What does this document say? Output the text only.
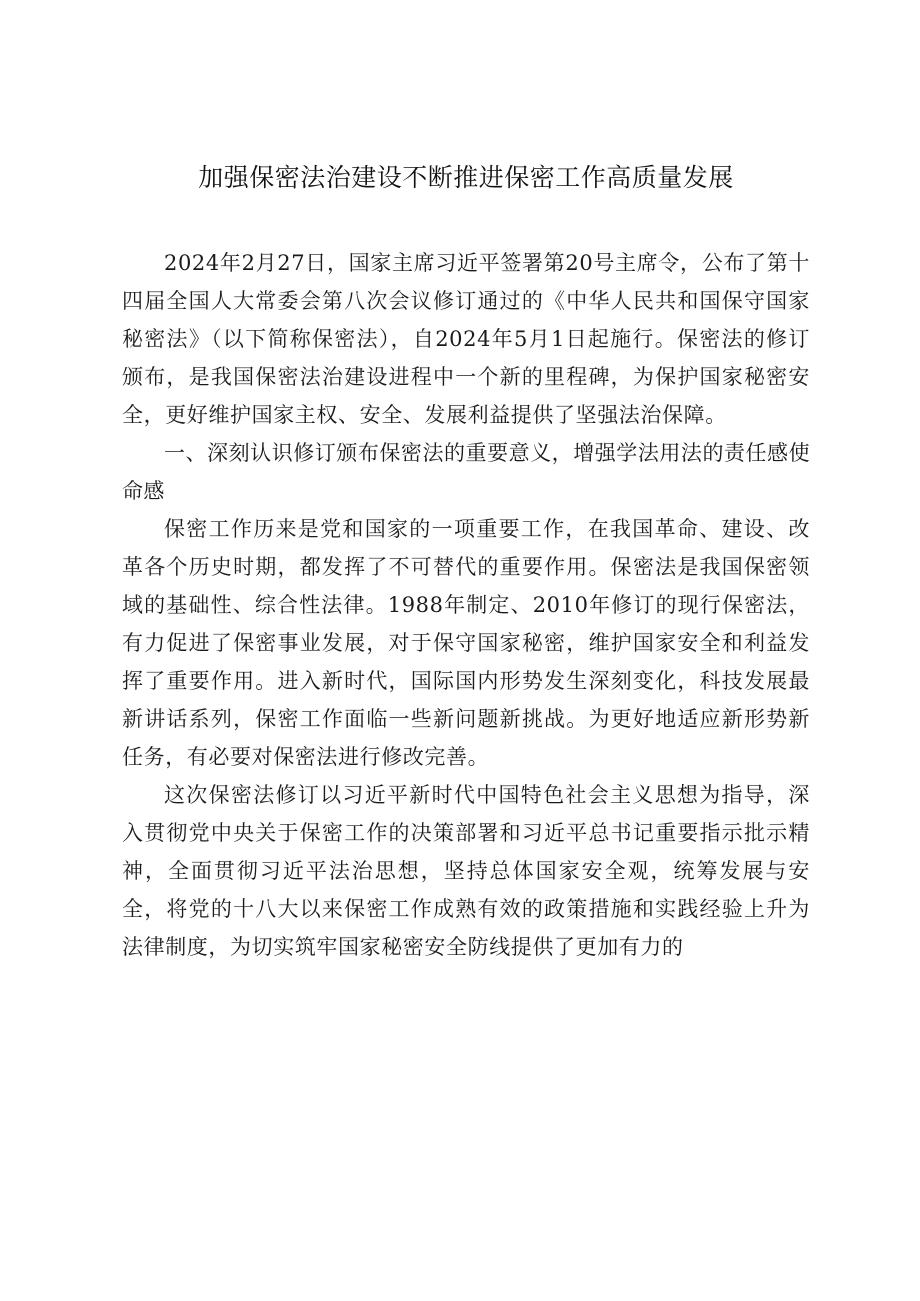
加强保密法治建设不断推进保密工作高质量发展

2024年2月27日，国家主席习近平签署第20号主席令，公布了第十四届全国人大常委会第八次会议修订通过的《中华人民共和国保守国家秘密法》（以下简称保密法），自2024年5月1日起施行。保密法的修订颁布，是我国保密法治建设进程中一个新的里程碑，为保护国家秘密安全，更好维护国家主权、安全、发展利益提供了坚强法治保障。

一、深刻认识修订颁布保密法的重要意义，增强学法用法的责任感使命感

保密工作历来是党和国家的一项重要工作，在我国革命、建设、改革各个历史时期，都发挥了不可替代的重要作用。保密法是我国保密领域的基础性、综合性法律。1988年制定、2010年修订的现行保密法，有力促进了保密事业发展，对于保守国家秘密，维护国家安全和利益发挥了重要作用。进入新时代，国际国内形势发生深刻变化，科技发展最新讲话系列，保密工作面临一些新问题新挑战。为更好地适应新形势新任务，有必要对保密法进行修改完善。

这次保密法修订以习近平新时代中国特色社会主义思想为指导，深入贯彻党中央关于保密工作的决策部署和习近平总书记重要指示批示精神，全面贯彻习近平法治思想，坚持总体国家安全观，统筹发展与安全，将党的十八大以来保密工作成熟有效的政策措施和实践经验上升为法律制度，为切实筑牢国家秘密安全防线提供了更加有力的
